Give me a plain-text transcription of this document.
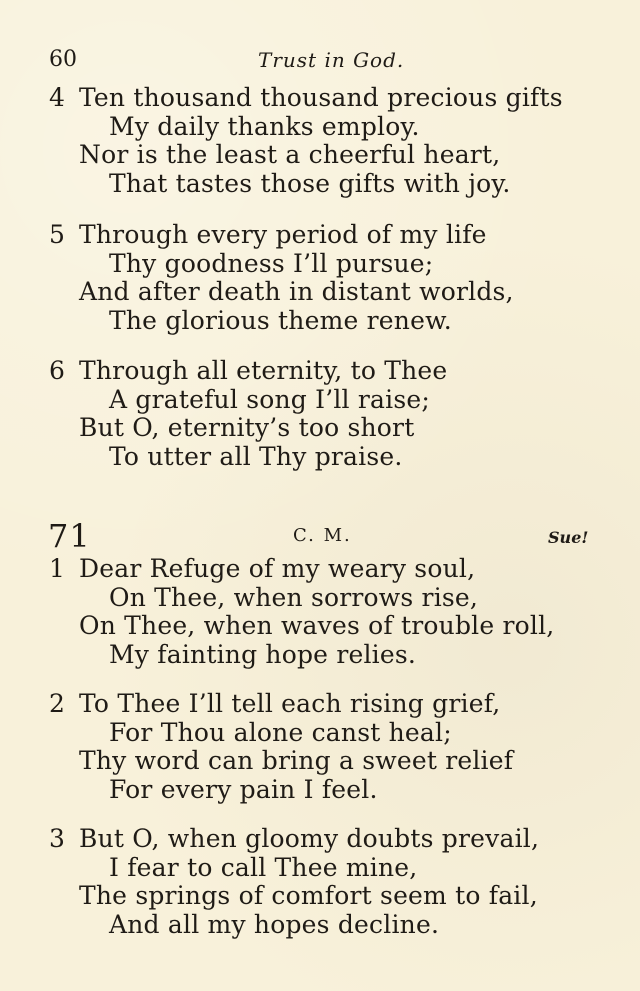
60	Trust in God.
4 Ten thousand thousand precious gifts
My daily thanks employ.
Nor is the least a cheerful heart,
That tastes those gifts with joy.
5 Through every period of my life
Thy goodness I’ll pursue;
And after death in distant worlds,
The glorious theme renew.
6 Through all eternity, to Thee
A grateful song I’ll raise;
But O, eternity’s too short
To utter all Thy praise.
71	C. M.	Sue!
1 Dear Refuge of my weary soul,
On Thee, when sorrows rise,
On Thee, when waves of trouble roll,
My fainting hope relies.
2 To Thee I’ll tell each rising grief,
For Thou alone canst heal;
Thy word can bring a sweet relief
For every pain I feel.
3 But O, when gloomy doubts prevail,
I fear to call Thee mine,
The springs of comfort seem to fail,
And all my hopes decline.
